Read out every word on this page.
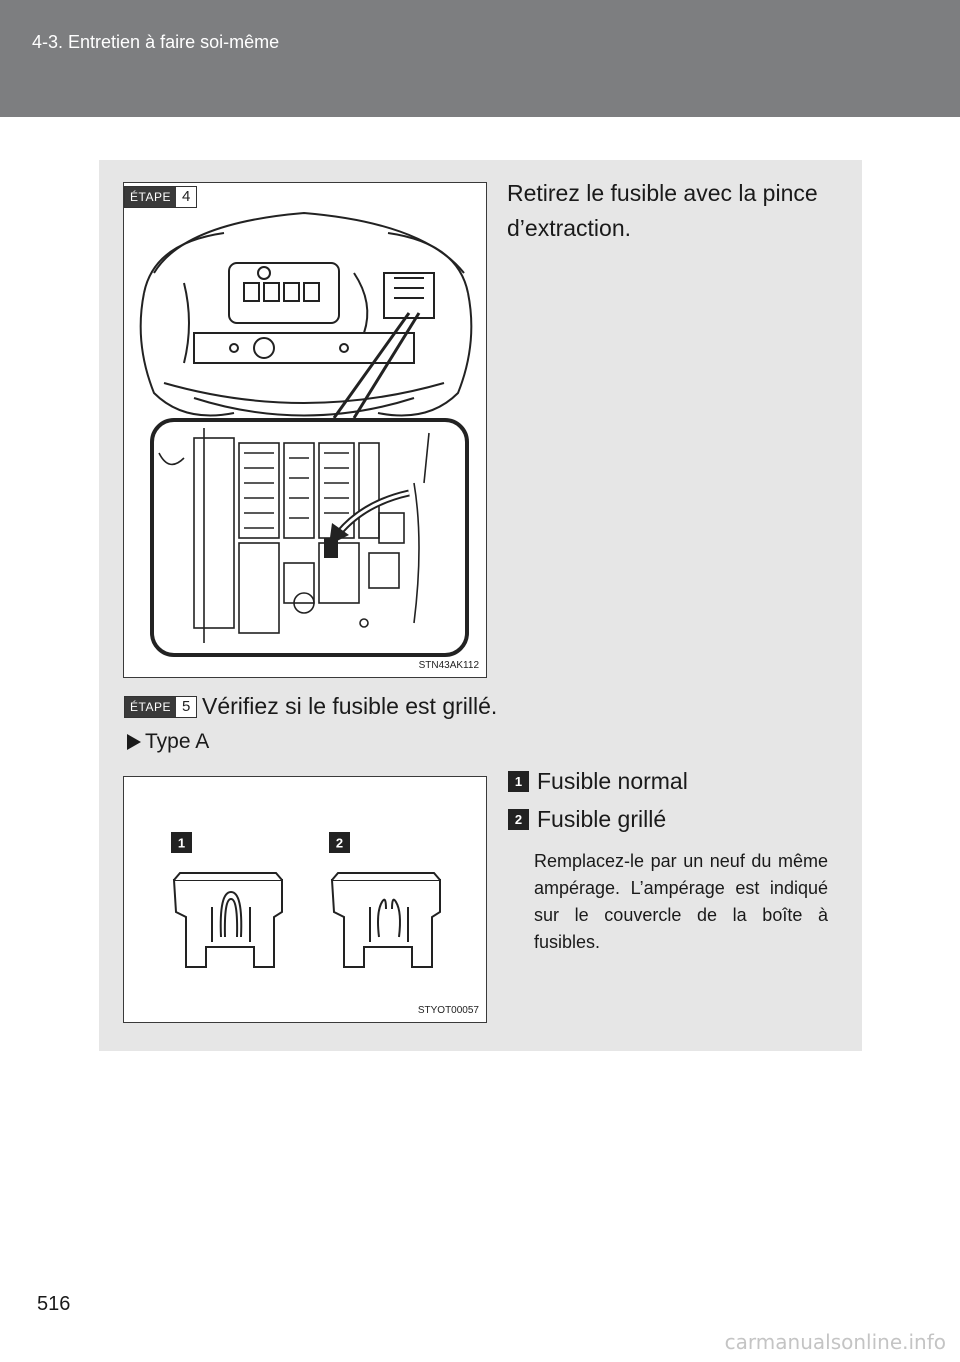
4-3. Entretien à faire soi-même
STN43AK112
ÉTAPE 4	Retirez le fusible avec la pince d’extraction.
ÉTAPE 5 Vérifiez si le fusible est grillé.
Type A
1	2
STYOT00057
1 Fusible normal
2 Fusible grillé
Remplacez-le par un neuf du même ampérage. L’ampérage est indiqué sur le couvercle de la boîte à fusibles.
516
carmanualsonline.info
